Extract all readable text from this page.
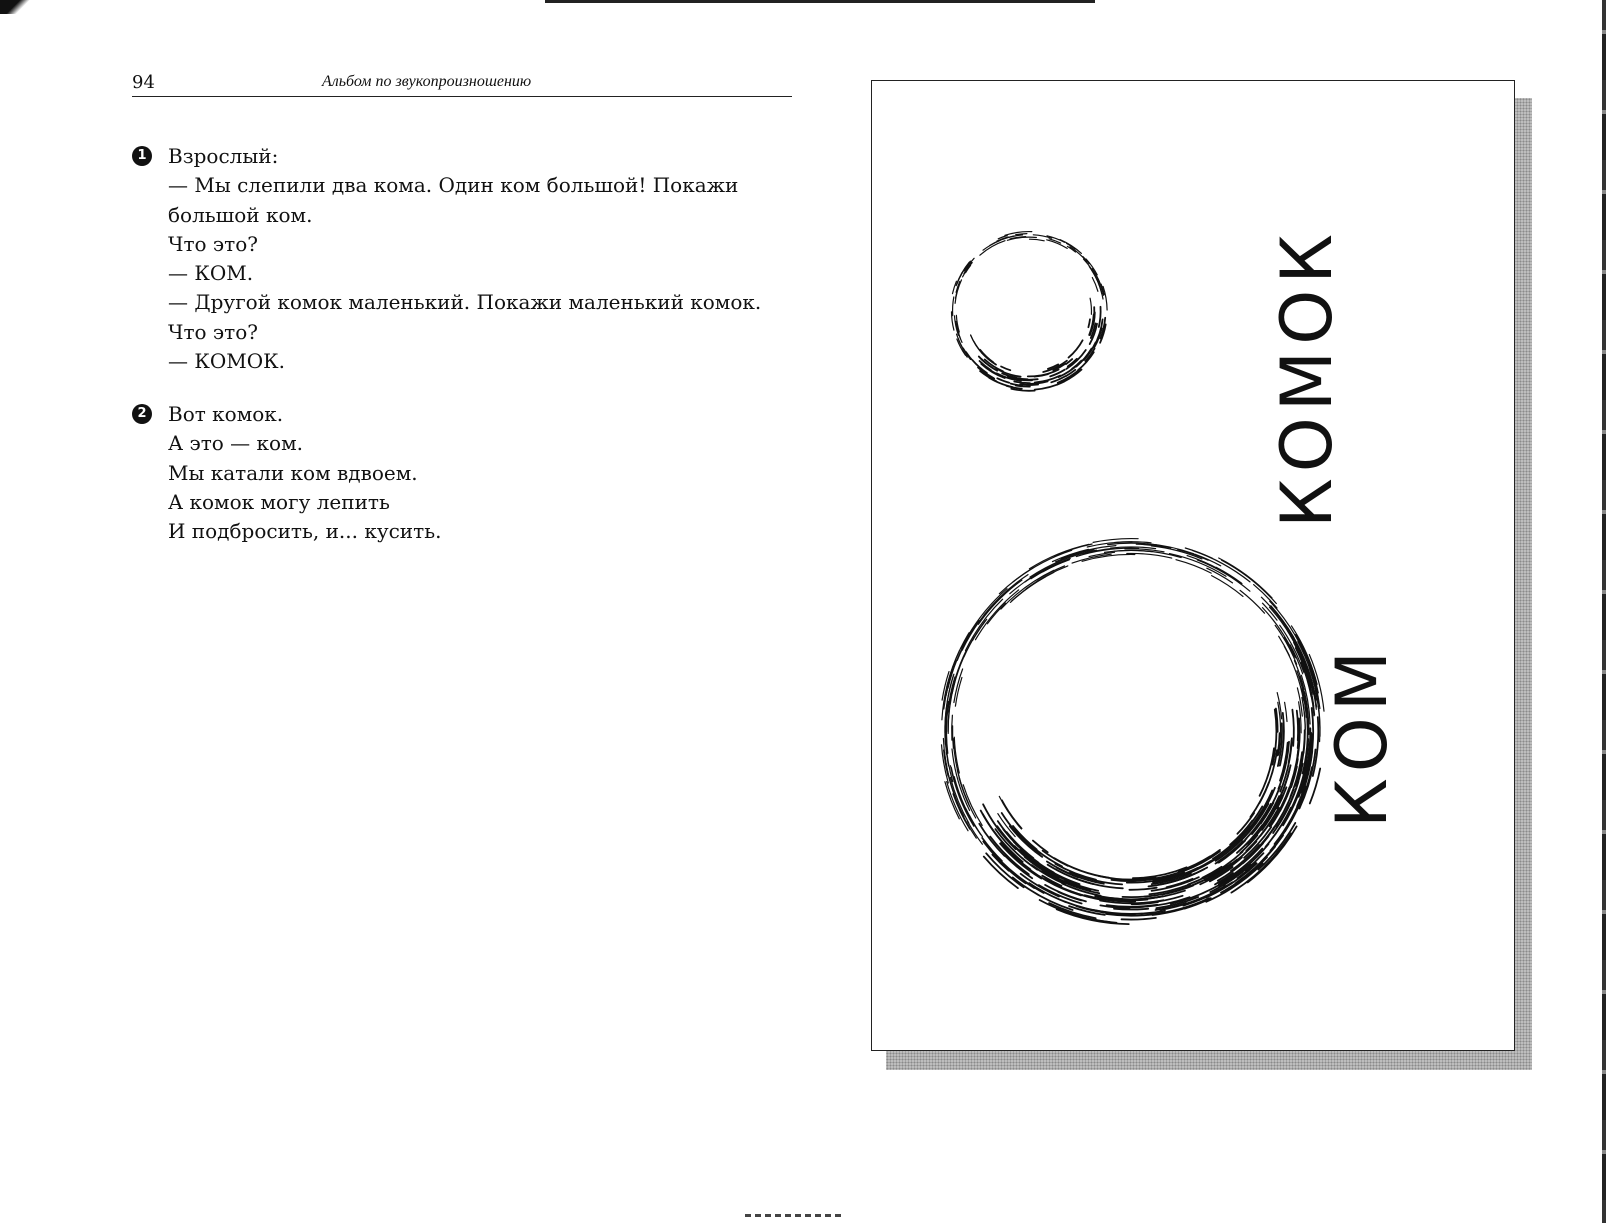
94	Альбом по звукопроизношению
1 Взрослый:
— Мы слепили два кома. Один ком большой! Покажи
большой ком.
Что это?
— КОМ.
— Другой комок маленький. Покажи маленький комок.
Что это?
— КОМОК.
2 Вот комок.
А это — ком.
Мы катали ком вдвоем.
А комок могу лепить
И подбросить, и... кусить.
КОМОК
КОМ
